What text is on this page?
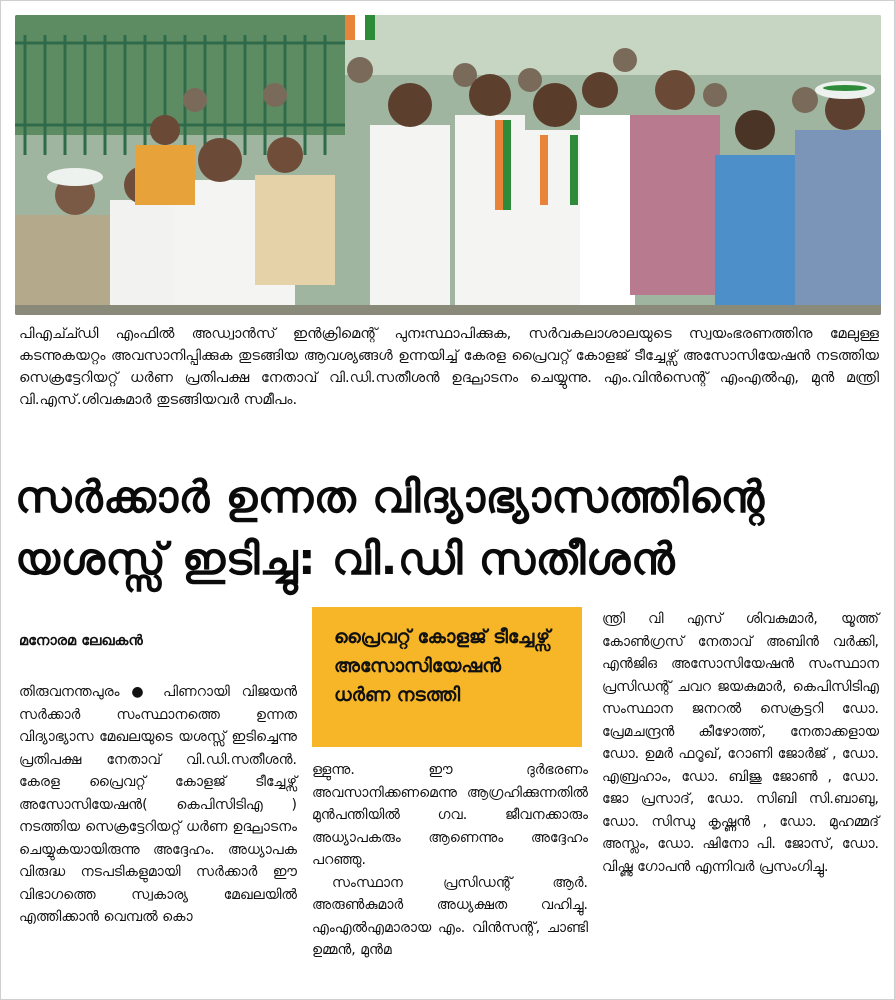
പിഎച്ച്ഡി എംഫിൽ അഡ്വാൻസ് ഇൻക്രിമെന്റ് പുനഃസ്ഥാപിക്കുക, സർവകലാശാലയുടെ സ്വയംഭരണത്തിനു മേലുള്ള കടന്നുകയറ്റം അവസാനിപ്പിക്കുക തുടങ്ങിയ ആവശ്യങ്ങൾ ഉന്നയിച്ച് കേരള പ്രൈവറ്റ് കോളജ് ടീച്ചേഴ്സ് അസോസിയേഷൻ നടത്തിയ സെക്രട്ടേറിയറ്റ് ധർണ പ്രതിപക്ഷ നേതാവ് വി.ഡി.സതീശൻ ഉദ്ഘാടനം ചെയ്യുന്നു. എം.വിൻസെന്റ് എംഎൽഎ, മുൻ മന്ത്രി വി.എസ്.ശിവകുമാർ തുടങ്ങിയവർ സമീപം.
സർക്കാർ ഉന്നത വിദ്യാഭ്യാസത്തിന്റെ
യശസ്സ് ഇടിച്ചു: വി.ഡി സതീശൻ
മനോരമ ലേഖകൻ
തിരുവനന്തപുരം ● പിണറായി വിജയൻ സർക്കാർ സംസ്ഥാനത്തെ ഉന്നത വിദ്യാഭ്യാസ മേഖലയുടെ യശസ്സ് ഇടിച്ചെന്നു പ്രതിപക്ഷ നേതാവ് വി.ഡി.സതീശൻ. കേരള പ്രൈവറ്റ് കോളജ് ടീച്ചേഴ്സ് അസോസിയേഷൻ( കെപിസിടിഎ ) നടത്തിയ സെക്രട്ടേറിയറ്റ് ധർണ ഉദ്ഘാടനം ചെയ്യുകയായിരുന്നു അദ്ദേഹം. അധ്യാപക വിരുദ്ധ നടപടികളുമായി സർക്കാർ ഈ വിഭാഗത്തെ സ്വകാര്യ മേഖലയിൽ എത്തിക്കാൻ വെമ്പൽ കൊ
പ്രൈവറ്റ് കോളജ് ടീച്ചേഴ്സ് അസോസിയേഷൻ ധർണ നടത്തി
ള്ളുന്നു. ഈ ദുർഭരണം അവസാനിക്കണമെന്നു ആഗ്രഹിക്കുന്നതിൽ മുൻപന്തിയിൽ ഗവ. ജീവനക്കാരും അധ്യാപകരും ആണെന്നും അദ്ദേഹം പറഞ്ഞു.
സംസ്ഥാന പ്രസിഡന്റ് ആർ. അരുൺകുമാർ അധ്യക്ഷത വഹിച്ചു. എംഎൽഎമാരായ എം. വിൻസന്റ്, ചാണ്ടി ഉമ്മൻ, മുൻമ
ന്ത്രി വി എസ് ശിവകുമാർ, യൂത്ത് കോൺഗ്രസ് നേതാവ് അബിൻ വർക്കി, എൻജിഒ അസോസിയേഷൻ സംസ്ഥാന പ്രസിഡന്റ് ചവറ ജയകുമാർ, കെപിസിടിഎ സംസ്ഥാന ജനറൽ സെക്രട്ടറി ഡോ. പ്രേമചന്ദ്രൻ കീഴോത്ത്, നേതാക്കളായ ഡോ. ഉമർ ഫറൂഖ്, റോണി ജോർജ് , ഡോ. എബ്രഹാം, ഡോ. ബിജു ജോൺ , ഡോ. ജോ പ്രസാദ്, ഡോ. സിബി സി.ബാബു, ഡോ. സിന്ധു കൃഷ്ണൻ , ഡോ. മുഹമ്മദ് അസ്ലം, ഡോ. ഷിനോ പി. ജോസ്, ഡോ. വിഷ്ണു ഗോപൻ എന്നിവർ പ്രസംഗിച്ചു.
